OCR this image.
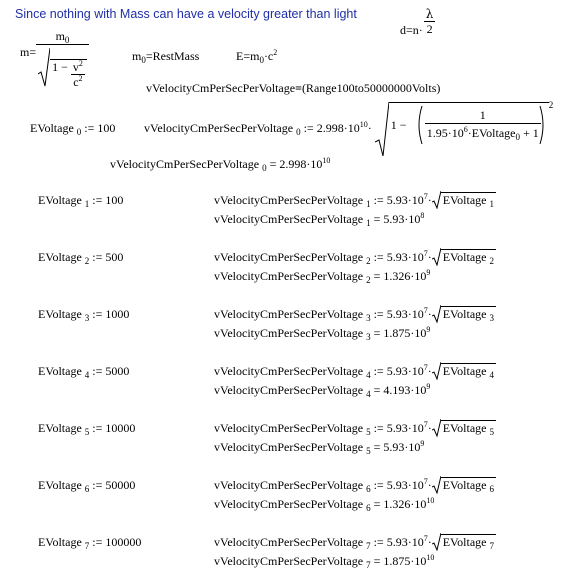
Since nothing with Mass can have a velocity greater than light
$d=n\cdot \frac{\lambda}{2}$
$m= \frac{m_0}{1 - \frac{v^2}{c^2}}$	$m_0=RestMass$	$E=m_0\cdot c^2$
vVelocityCmPerSecPerVoltage=(Range100to50000000Volts)
EVoltage $_0$ := 100 vVelocityCmPerSecPerVoltage $_0$ := $2.998\cdot 10^{10}\cdot 1$ −
1
$1.95\cdot 10^6\cdot EVoltage_0 + 1$
2
vVelocityCmPerSecPerVoltage $_0 = 2.998\cdot 10^{10}$
EVoltage $_1$ := 100	vVelocityCmPerSecPerVoltage $_1$ := $5.93\cdot 10^7\cdot$ EVoltage $_1$
vVelocityCmPerSecPerVoltage $_1 = 5.93\cdot 10^8$
EVoltage $_2$ := 500	vVelocityCmPerSecPerVoltage $_2$ := $5.93\cdot 10^7\cdot$ EVoltage $_2$
vVelocityCmPerSecPerVoltage $_2 = 1.326\cdot 10^9$
EVoltage $_3$ := 1000	vVelocityCmPerSecPerVoltage $_3$ := $5.93\cdot 10^7\cdot$ EVoltage $_3$
vVelocityCmPerSecPerVoltage $_3 = 1.875\cdot 10^9$
EVoltage $_4$ := 5000	vVelocityCmPerSecPerVoltage $_4$ := $5.93\cdot 10^7\cdot$ EVoltage $_4$
vVelocityCmPerSecPerVoltage $_4 = 4.193\cdot 10^9$
EVoltage $_5$ := 10000	vVelocityCmPerSecPerVoltage $_5$ := $5.93\cdot 10^7\cdot$ EVoltage $_5$
vVelocityCmPerSecPerVoltage $_5 = 5.93\cdot 10^9$
EVoltage $_6$ := 50000	vVelocityCmPerSecPerVoltage $_6$ := $5.93\cdot 10^7\cdot$ EVoltage $_6$
vVelocityCmPerSecPerVoltage $_6 = 1.326\cdot 10^{10}$
EVoltage $_7$ := 100000	vVelocityCmPerSecPerVoltage $_7$ := $5.93\cdot 10^7\cdot$ EVoltage $_7$
vVelocityCmPerSecPerVoltage $_7 = 1.875\cdot 10^{10}$
